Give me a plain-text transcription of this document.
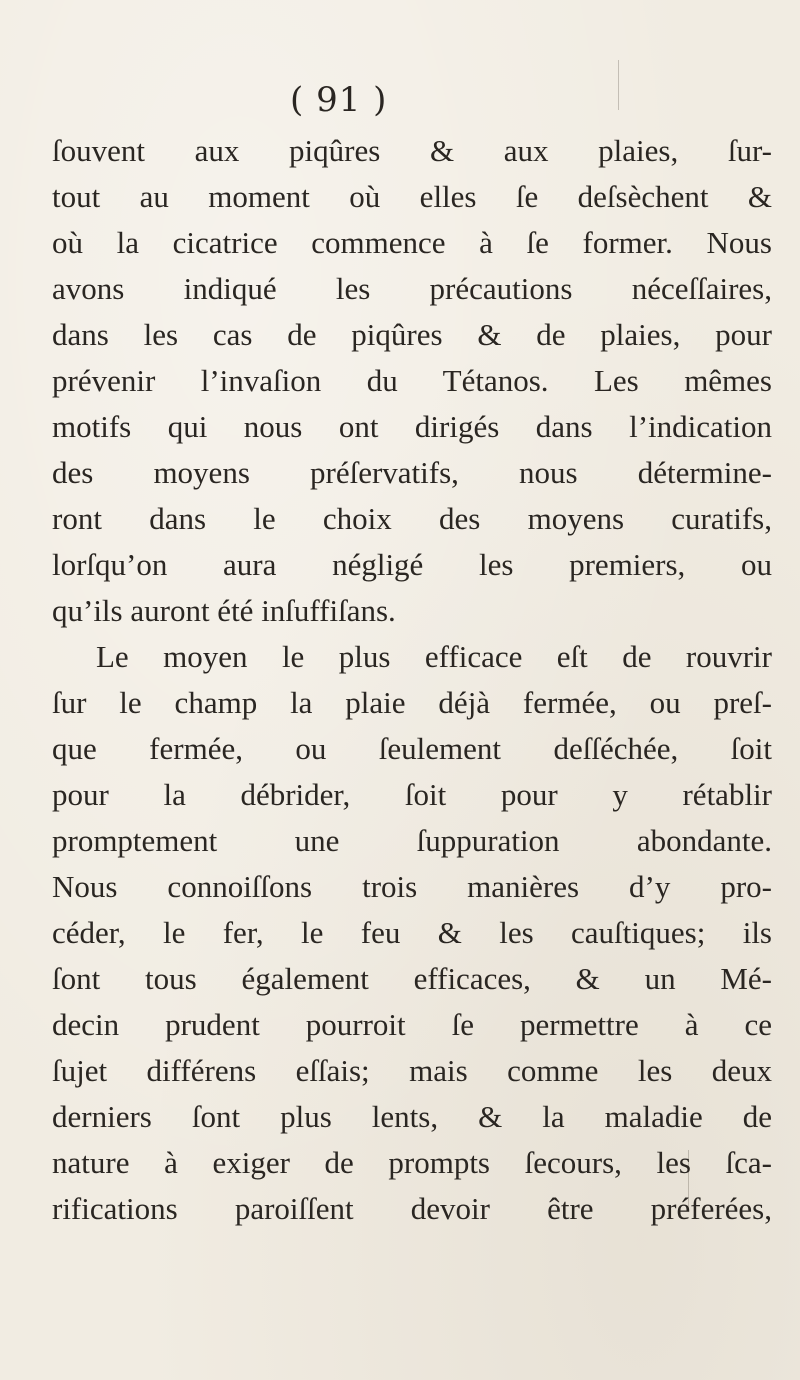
( 91 )
ſouvent aux piqûres & aux plaies, ſur-
tout au moment où elles ſe deſsèchent &
où la cicatrice commence à ſe former. Nous
avons indiqué les précautions néceſſaires,
dans les cas de piqûres & de plaies, pour
prévenir l’invaſion du Tétanos. Les mêmes
motifs qui nous ont dirigés dans l’indication
des moyens préſervatifs, nous détermine-
ront dans le choix des moyens curatifs,
lorſqu’on aura négligé les premiers, ou
qu’ils auront été inſuffiſans.
Le moyen le plus efficace eſt de rouvrir
ſur le champ la plaie déjà fermée, ou preſ-
que fermée, ou ſeulement deſſéchée, ſoit
pour la débrider, ſoit pour y rétablir
promptement une ſuppuration abondante.
Nous connoiſſons trois manières d’y pro-
céder, le fer, le feu & les cauſtiques; ils
ſont tous également efficaces, & un Mé-
decin prudent pourroit ſe permettre à ce
ſujet différens eſſais; mais comme les deux
derniers ſont plus lents, & la maladie de
nature à exiger de prompts ſecours, les ſca-
rifications paroiſſent devoir être préferées,
